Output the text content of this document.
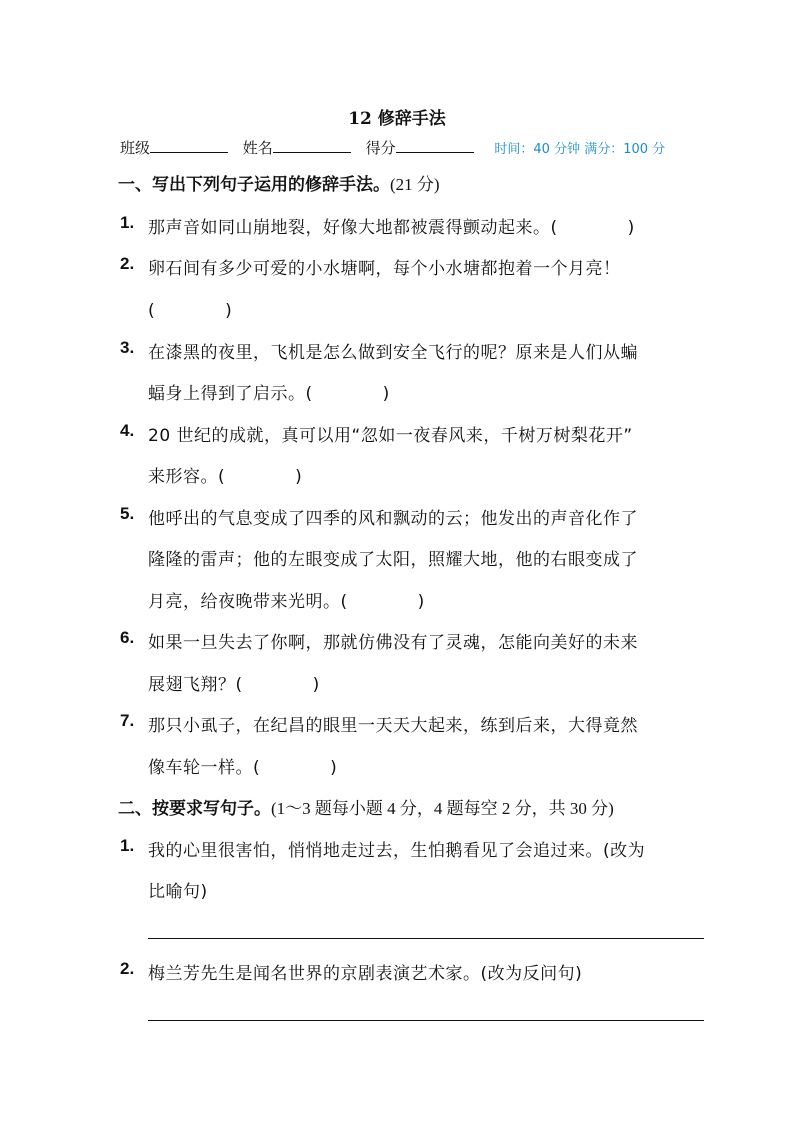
12 修辞手法
班级	姓名	得分	时间：40 分钟 满分：100 分
一、写出下列句子运用的修辞手法。(21 分)
1. 那声音如同山崩地裂，好像大地都被震得颤动起来。(　　　　)
2. 卵石间有多少可爱的小水塘啊，每个小水塘都抱着一个月亮！
(　　　　)
3. 在漆黑的夜里，飞机是怎么做到安全飞行的呢？原来是人们从蝙
蝠身上得到了启示。(　　　　)
4. 20 世纪的成就，真可以用“忽如一夜春风来，千树万树梨花开”
来形容。(　　　　)
5. 他呼出的气息变成了四季的风和飘动的云；他发出的声音化作了
隆隆的雷声；他的左眼变成了太阳，照耀大地，他的右眼变成了
月亮，给夜晚带来光明。(　　　　)
6. 如果一旦失去了你啊，那就仿佛没有了灵魂，怎能向美好的未来
展翅飞翔？(　　　　)
7. 那只小虱子，在纪昌的眼里一天天大起来，练到后来，大得竟然
像车轮一样。(　　　　)
二、按要求写句子。(1～3 题每小题 4 分，4 题每空 2 分，共 30 分)
1. 我的心里很害怕，悄悄地走过去，生怕鹅看见了会追过来。(改为
比喻句)
2. 梅兰芳先生是闻名世界的京剧表演艺术家。(改为反问句)
